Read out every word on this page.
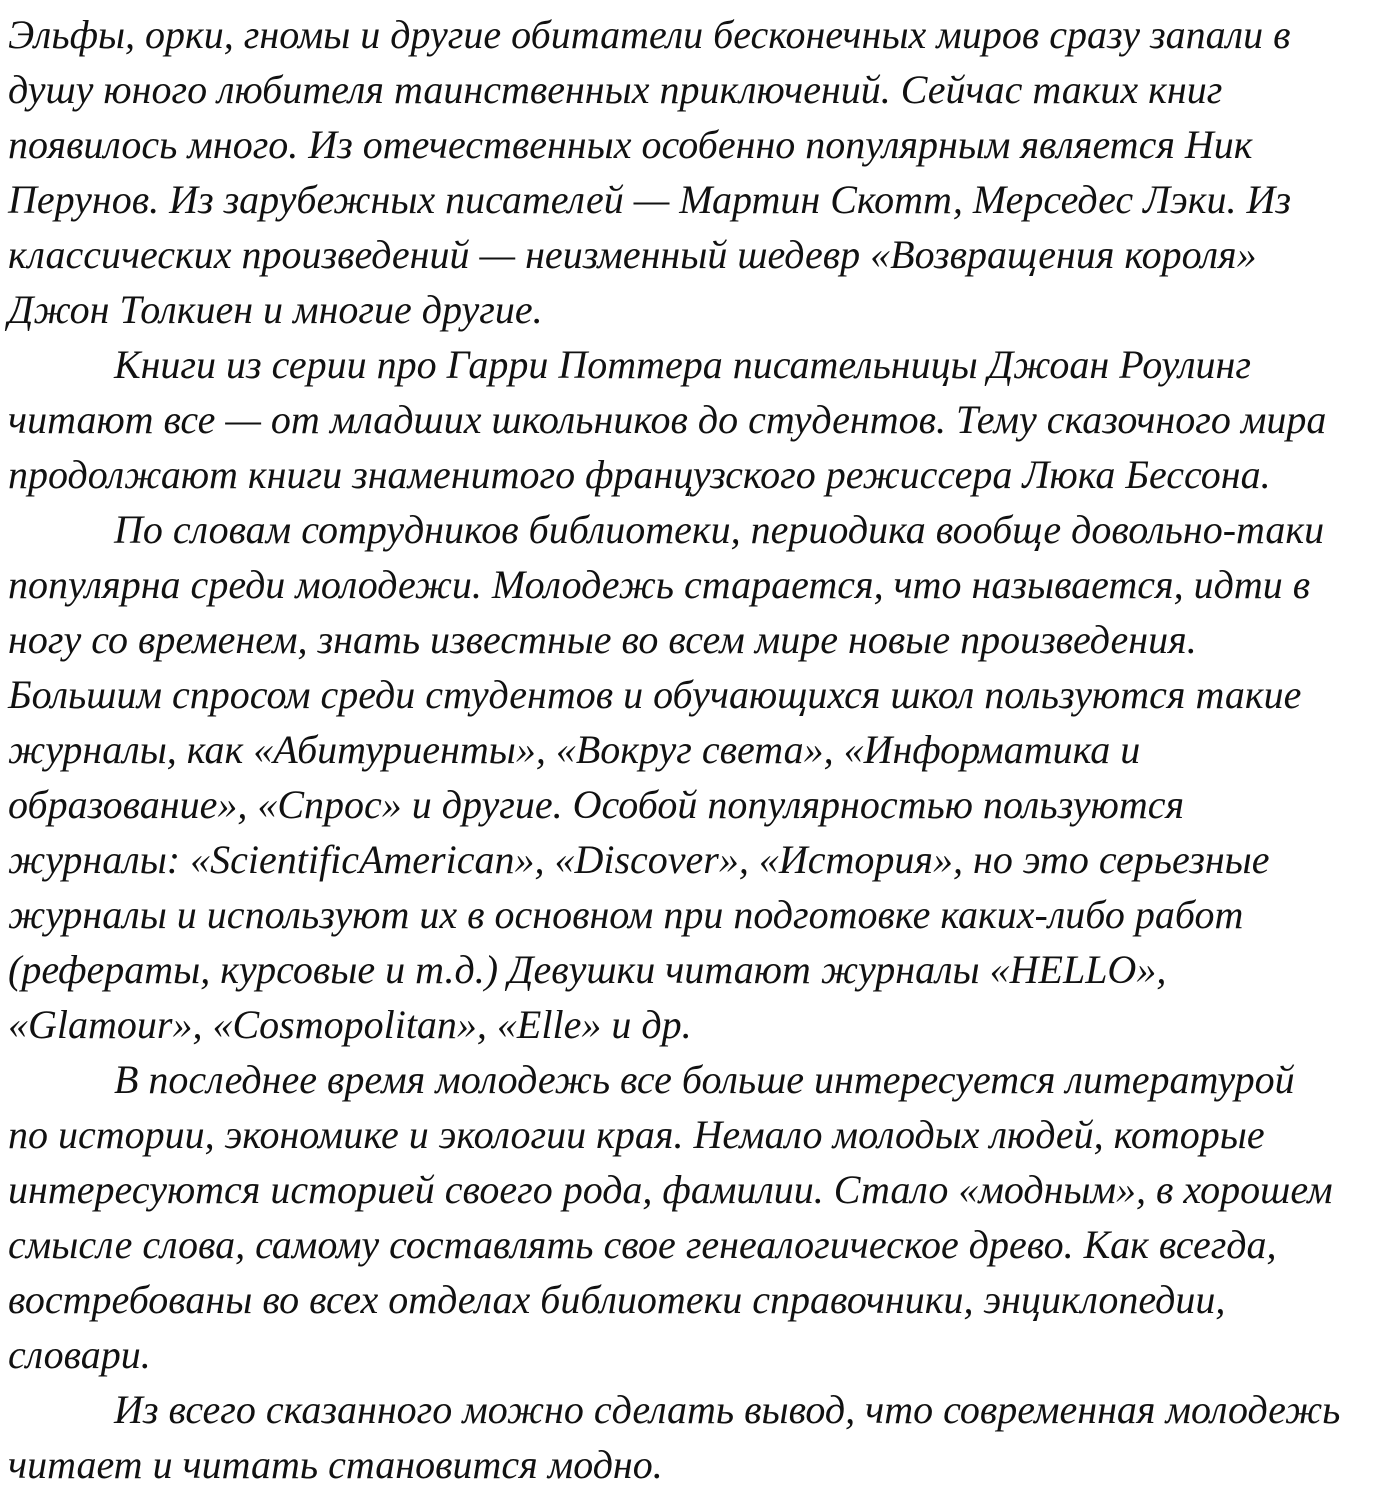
Эльфы, орки, гномы и другие обитатели бесконечных миров сразу запали в
душу юного любителя таинственных приключений. Сейчас таких книг
появилось много. Из отечественных особенно популярным является Ник
Перунов. Из зарубежных писателей — Мартин Скотт, Мерседес Лэки. Из
классических произведений — неизменный шедевр «Возвращения короля»
Джон Толкиен и многие другие.
Книги из серии про Гарри Поттера писательницы Джоан Роулинг
читают все — от младших школьников до студентов. Тему сказочного мира
продолжают книги знаменитого французского режиссера Люка Бессона.
По словам сотрудников библиотеки, периодика вообще довольно-таки
популярна среди молодежи. Молодежь старается, что называется, идти в
ногу со временем, знать известные во всем мире новые произведения.
Большим спросом среди студентов и обучающихся школ пользуются такие
журналы, как «Абитуриенты», «Вокруг света», «Информатика и
образование», «Спрос» и другие. Особой популярностью пользуются
журналы: «ScientificAmerican», «Discover», «История», но это серьезные
журналы и используют их в основном при подготовке каких-либо работ
(рефераты, курсовые и т.д.) Девушки читают журналы «HELLO»,
«Glamour», «Cosmopolitan», «Elle» и др.
В последнее время молодежь все больше интересуется литературой
по истории, экономике и экологии края. Немало молодых людей, которые
интересуются историей своего рода, фамилии. Стало «модным», в хорошем
смысле слова, самому составлять свое генеалогическое древо. Как всегда,
востребованы во всех отделах библиотеки справочники, энциклопедии,
словари.
Из всего сказанного можно сделать вывод, что современная молодежь
читает и читать становится модно.
